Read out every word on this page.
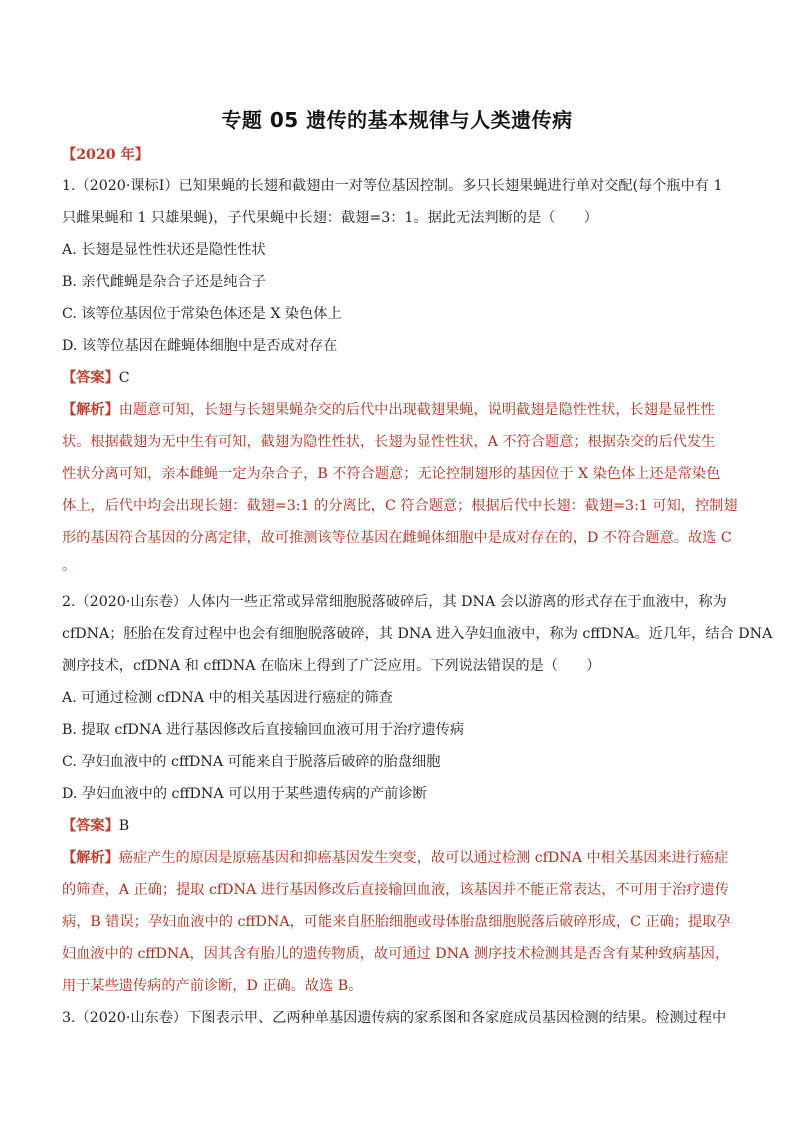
专题 05 遗传的基本规律与人类遗传病
【2020 年】
1.（2020·课标Ⅰ）已知果蝇的长翅和截翅由一对等位基因控制。多只长翅果蝇进行单对交配(每个瓶中有 1
只雌果蝇和 1 只雄果蝇)，子代果蝇中长翅：截翅=3：1。据此无法判断的是（　　）
A. 长翅是显性性状还是隐性性状
B. 亲代雌蝇是杂合子还是纯合子
C. 该等位基因位于常染色体还是 X 染色体上
D. 该等位基因在雌蝇体细胞中是否成对存在
【答案】C
【解析】由题意可知，长翅与长翅果蝇杂交的后代中出现截翅果蝇，说明截翅是隐性性状，长翅是显性性
状。根据截翅为无中生有可知，截翅为隐性性状，长翅为显性性状，A 不符合题意；根据杂交的后代发生
性状分离可知，亲本雌蝇一定为杂合子，B 不符合题意；无论控制翅形的基因位于 X 染色体上还是常染色
体上，后代中均会出现长翅：截翅=3:1 的分离比，C 符合题意；根据后代中长翅：截翅=3:1 可知，控制翅
形的基因符合基因的分离定律，故可推测该等位基因在雌蝇体细胞中是成对存在的，D 不符合题意。故选 C
。
2.（2020·山东卷）人体内一些正常或异常细胞脱落破碎后，其 DNA 会以游离的形式存在于血液中，称为
cfDNA；胚胎在发育过程中也会有细胞脱落破碎，其 DNA 进入孕妇血液中，称为 cffDNA。近几年，结合 DNA
测序技术，cfDNA 和 cffDNA 在临床上得到了广泛应用。下列说法错误的是（　　）
A. 可通过检测 cfDNA 中的相关基因进行癌症的筛查
B. 提取 cfDNA 进行基因修改后直接输回血液可用于治疗遗传病
C. 孕妇血液中的 cffDNA 可能来自于脱落后破碎的胎盘细胞
D. 孕妇血液中的 cffDNA 可以用于某些遗传病的产前诊断
【答案】B
【解析】癌症产生的原因是原癌基因和抑癌基因发生突变，故可以通过检测 cfDNA 中相关基因来进行癌症
的筛查，A 正确；提取 cfDNA 进行基因修改后直接输回血液，该基因并不能正常表达，不可用于治疗遗传
病，B 错误；孕妇血液中的 cffDNA，可能来自胚胎细胞或母体胎盘细胞脱落后破碎形成，C 正确；提取孕
妇血液中的 cffDNA，因其含有胎儿的遗传物质，故可通过 DNA 测序技术检测其是否含有某种致病基因，
用于某些遗传病的产前诊断，D 正确。故选 B。
3.（2020·山东卷）下图表示甲、乙两种单基因遗传病的家系图和各家庭成员基因检测的结果。检测过程中
